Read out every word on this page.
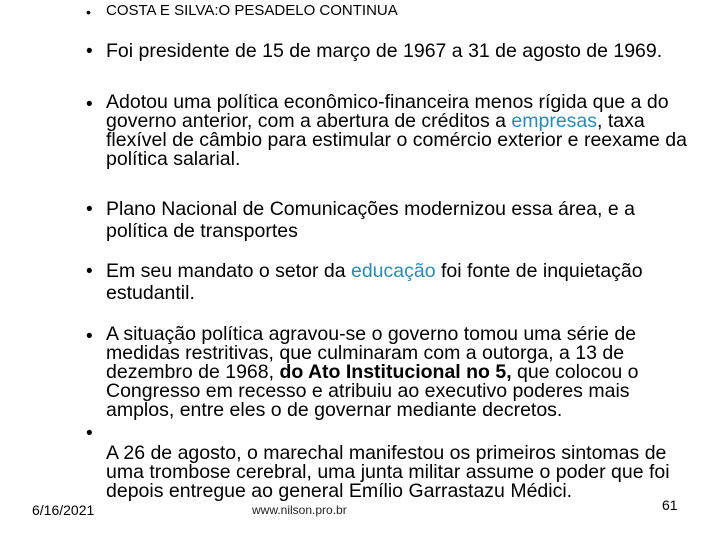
• COSTA E SILVA:O PESADELO CONTINUA
• Foi presidente de 15 de março de 1967 a 31 de agosto de 1969.
• Adotou uma política econômico-financeira menos rígida que a do governo anterior, com a abertura de créditos a empresas, taxa flexível de câmbio para estimular o comércio exterior e reexame da política salarial.
• Plano Nacional de Comunicações modernizou essa área, e a política de transportes
• Em seu mandato o setor da educação foi fonte de inquietação estudantil.
• A situação política agravou-se o governo tomou uma série de medidas restritivas, que culminaram com a outorga, a 13 de dezembro de 1968, do Ato Institucional no 5, que colocou o Congresso em recesso e atribuiu ao executivo poderes mais amplos, entre eles o de governar mediante decretos.
•
A 26 de agosto, o marechal manifestou os primeiros sintomas de uma trombose cerebral, uma junta militar assume o poder que foi depois entregue ao general Emílio Garrastazu Médici.
6/16/2021	www.nilson.pro.br	61
